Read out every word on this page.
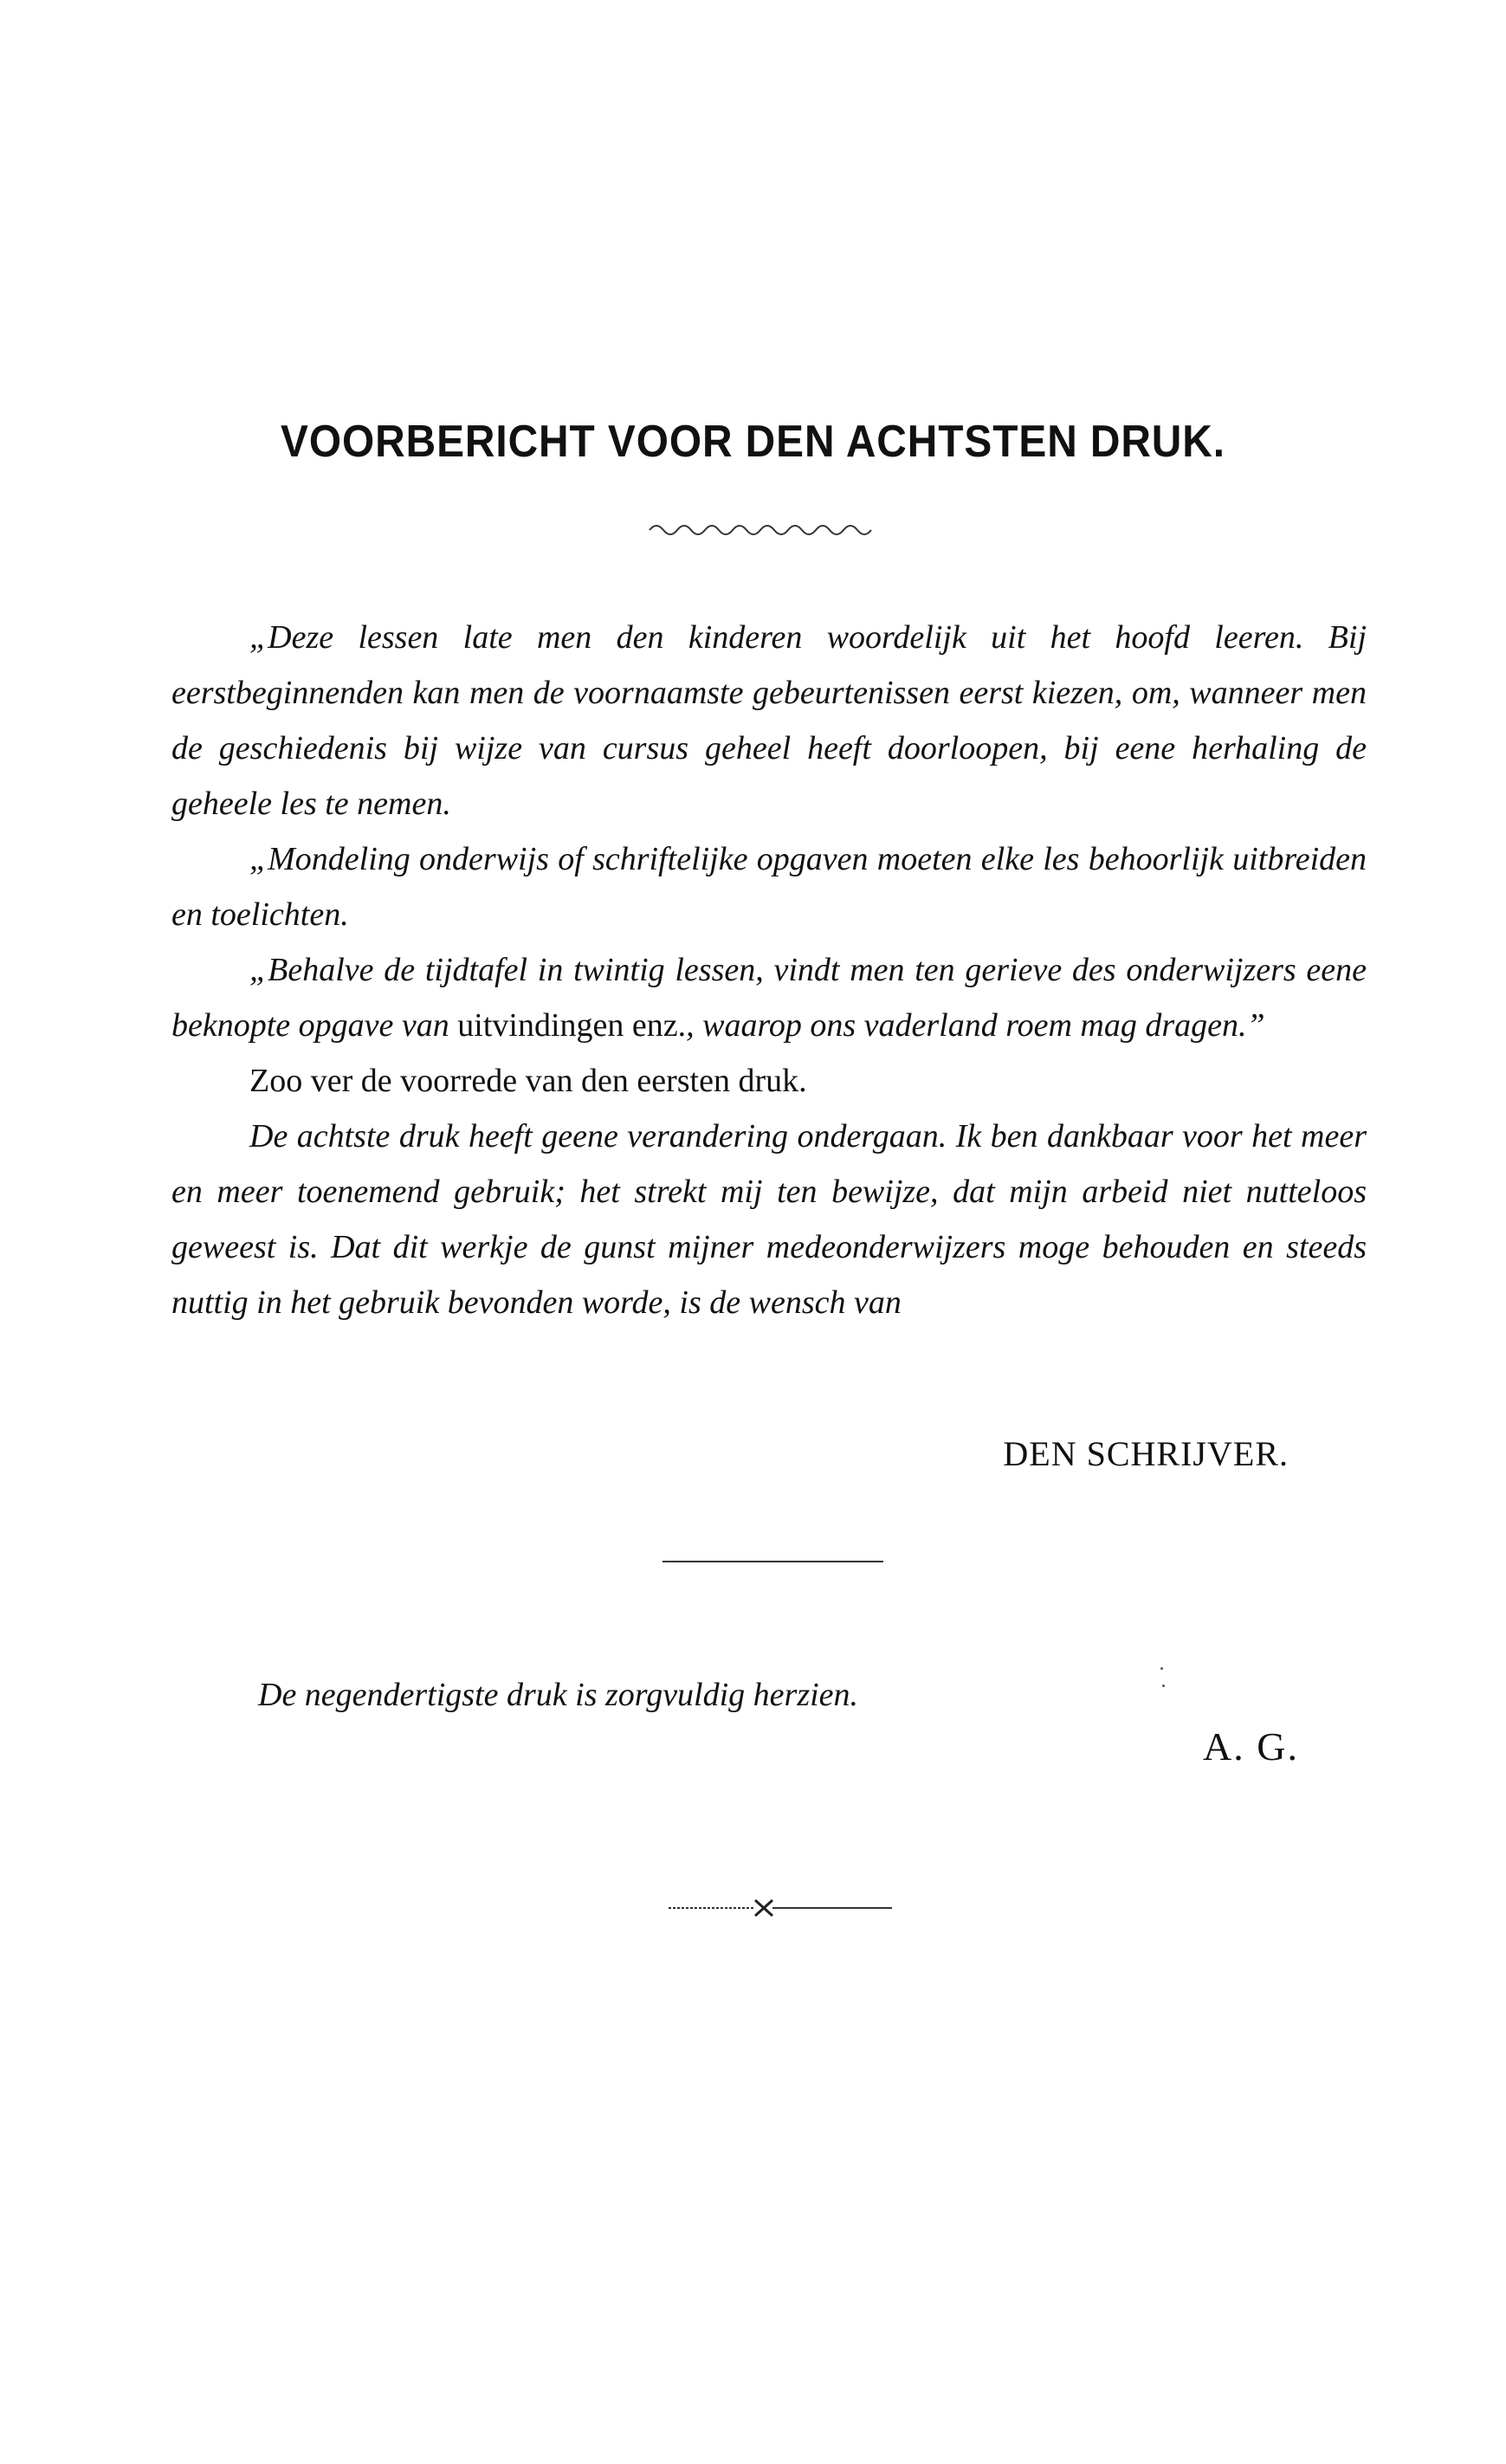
VOORBERICHT VOOR DEN ACHTSTEN DRUK.

„Deze lessen late men den kinderen woordelijk uit het hoofd leeren. Bij eerstbeginnenden kan men de voornaamste gebeurtenissen eerst kiezen, om, wanneer men de geschiedenis bij wijze van cursus geheel heeft doorloopen, bij eene herhaling de geheele les te nemen.

„Mondeling onderwijs of schriftelijke opgaven moeten elke les behoorlijk uitbreiden en toelichten.

„Behalve de tijdtafel in twintig lessen, vindt men ten gerieve des onderwijzers eene beknopte opgave van uitvindingen enz., waarop ons vaderland roem mag dragen.”

Zoo ver de voorrede van den eersten druk.

De achtste druk heeft geene verandering ondergaan. Ik ben dankbaar voor het meer en meer toenemend gebruik; het strekt mij ten bewijze, dat mijn arbeid niet nutteloos geweest is. Dat dit werkje de gunst mijner medeonderwijzers moge behouden en steeds nuttig in het gebruik bevonden worde, is de wensch van

DEN SCHRIJVER.
De negendertigste druk is zorgvuldig herzien.
A. G.
